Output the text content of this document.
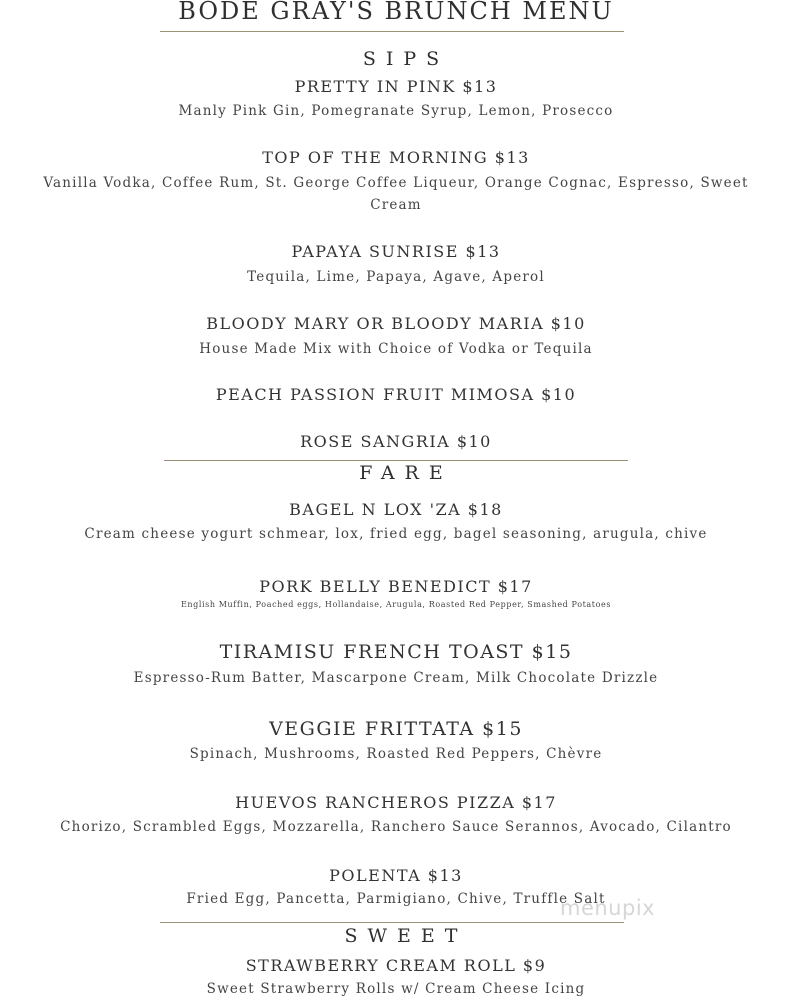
BODE GRAY'S BRUNCH MENU
SIPS
PRETTY IN PINK $13
Manly Pink Gin, Pomegranate Syrup, Lemon, Prosecco
TOP OF THE MORNING $13
Vanilla Vodka, Coffee Rum, St. George Coffee Liqueur, Orange Cognac, Espresso, Sweet
Cream
PAPAYA SUNRISE $13
Tequila, Lime, Papaya, Agave, Aperol
BLOODY MARY OR BLOODY MARIA $10
House Made Mix with Choice of Vodka or Tequila
PEACH PASSION FRUIT MIMOSA $10
ROSE SANGRIA $10
FARE
BAGEL N LOX 'ZA $18
Cream cheese yogurt schmear, lox, fried egg, bagel seasoning, arugula, chive
PORK BELLY BENEDICT $17
English Muffin, Poached eggs, Hollandaise, Arugula, Roasted Red Pepper, Smashed Potatoes
TIRAMISU FRENCH TOAST $15
Espresso-Rum Batter, Mascarpone Cream, Milk Chocolate Drizzle
VEGGIE FRITTATA $15
Spinach, Mushrooms, Roasted Red Peppers, Chèvre
HUEVOS RANCHEROS PIZZA $17
Chorizo, Scrambled Eggs, Mozzarella, Ranchero Sauce Serannos, Avocado, Cilantro
POLENTA $13
Fried Egg, Pancetta, Parmigiano, Chive, Truffle Salt
SWEET
STRAWBERRY CREAM ROLL $9
Sweet Strawberry Rolls w/ Cream Cheese Icing
menupix
